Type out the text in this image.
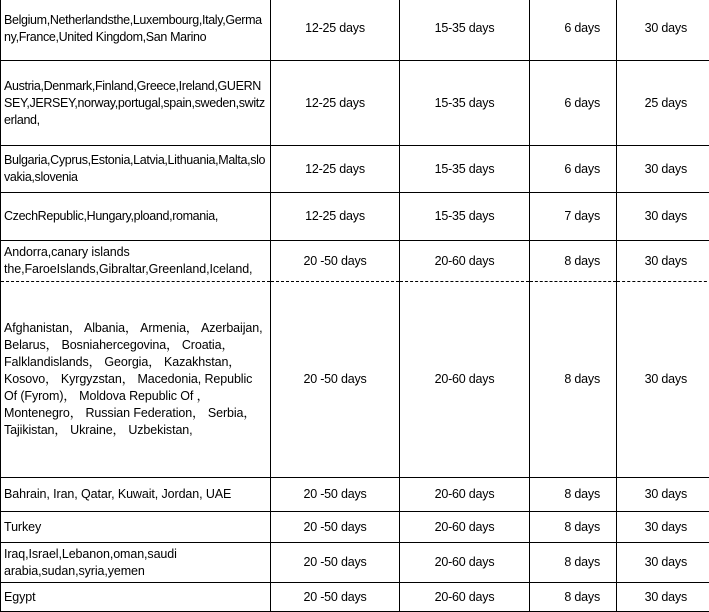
Belgium,Netherlandsthe,Luxembourg,Italy,Germany,France,United Kingdom,San Marino	12-25 days	15-35 days	6 days	30 days
Austria,Denmark,Finland,Greece,Ireland,GUERNSEY,JERSEY,norway,portugal,spain,sweden,switzerland,	12-25 days	15-35 days	6 days	25 days
Bulgaria,Cyprus,Estonia,Latvia,Lithuania,Malta,slovakia,slovenia	12-25 days	15-35 days	6 days	30 days
CzechRepublic,Hungary,ploand,romania,	12-25 days	15-35 days	7 days	30 days
Andorra,canary islands the,FaroeIslands,Gibraltar,Greenland,Iceland,	20 -50 days	20-60 days	8 days	30 days
Afghanistan， Albania， Armenia， Azerbaijan, Belarus， Bosniahercegovina， Croatia， Falklandislands， Georgia， Kazakhstan， Kosovo， Kyrgyzstan， Macedonia, Republic Of (Fyrom)， Moldova Republic Of ， Montenegro， Russian Federation， Serbia， Tajikistan， Ukraine， Uzbekistan,	20 -50 days	20-60 days	8 days	30 days
Bahrain, Iran, Qatar, Kuwait, Jordan, UAE	20 -50 days	20-60 days	8 days	30 days
Turkey	20 -50 days	20-60 days	8 days	30 days
Iraq,Israel,Lebanon,oman,saudi arabia,sudan,syria,yemen	20 -50 days	20-60 days	8 days	30 days
Egypt	20 -50 days	20-60 days	8 days	30 days
